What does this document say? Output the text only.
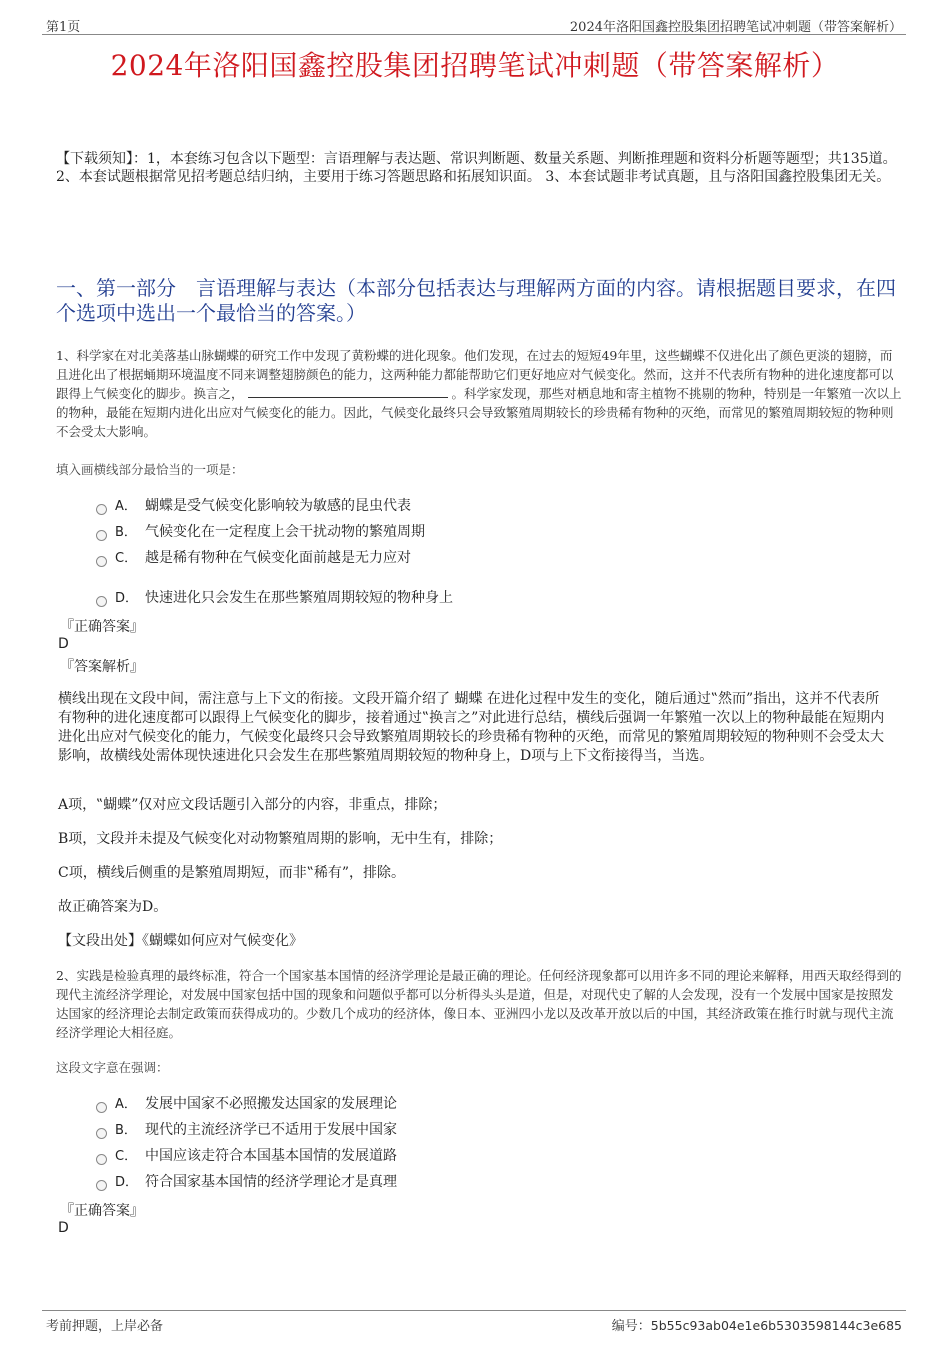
第1页	2024年洛阳国鑫控股集团招聘笔试冲刺题（带答案解析）
2024年洛阳国鑫控股集团招聘笔试冲刺题（带答案解析）
【下载须知】：1，本套练习包含以下题型：言语理解与表达题、常识判断题、数量关系题、判断推理题和资料分析题等题型；共135道。 2、本套试题根据常见招考题总结归纳，主要用于练习答题思路和拓展知识面。 3、本套试题非考试真题，且与洛阳国鑫控股集团无关。
一、第一部分　言语理解与表达（本部分包括表达与理解两方面的内容。请根据题目要求，在四个选项中选出一个最恰当的答案。）
1、科学家在对北美落基山脉蝴蝶的研究工作中发现了黄粉蝶的进化现象。他们发现，在过去的短短49年里，这些蝴蝶不仅进化出了颜色更淡的翅膀，而且进化出了根据蛹期环境温度不同来调整翅膀颜色的能力，这两种能力都能帮助它们更好地应对气候变化。然而，这并不代表所有物种的进化速度都可以跟得上气候变化的脚步。换言之，	。科学家发现，那些对栖息地和寄主植物不挑剔的物种，特别是一年繁殖一次以上的物种，最能在短期内进化出应对气候变化的能力。因此，气候变化最终只会导致繁殖周期较长的珍贵稀有物种的灭绝，而常见的繁殖周期较短的物种则不会受太大影响。
填入画横线部分最恰当的一项是：
A． 蝴蝶是受气候变化影响较为敏感的昆虫代表
B． 气候变化在一定程度上会干扰动物的繁殖周期
C． 越是稀有物种在气候变化面前越是无力应对
D． 快速进化只会发生在那些繁殖周期较短的物种身上
『正确答案』
D
『答案解析』
横线出现在文段中间，需注意与上下文的衔接。文段开篇介绍了 蝴蝶 在进化过程中发生的变化，随后通过‟然而”指出，这并不代表所有物种的进化速度都可以跟得上气候变化的脚步，接着通过‟换言之”对此进行总结，横线后强调一年繁殖一次以上的物种最能在短期内进化出应对气候变化的能力，气候变化最终只会导致繁殖周期较长的珍贵稀有物种的灭绝，而常见的繁殖周期较短的物种则不会受太大影响，故横线处需体现快速进化只会发生在那些繁殖周期较短的物种身上，D项与上下文衔接得当，当选。
A项，‟蝴蝶”仅对应文段话题引入部分的内容，非重点，排除；
B项，文段并未提及气候变化对动物繁殖周期的影响，无中生有，排除；
C项，横线后侧重的是繁殖周期短，而非‟稀有”，排除。
故正确答案为D。
【文段出处】《蝴蝶如何应对气候变化》
2、实践是检验真理的最终标准，符合一个国家基本国情的经济学理论是最正确的理论。任何经济现象都可以用许多不同的理论来解释，用西天取经得到的现代主流经济学理论，对发展中国家包括中国的现象和问题似乎都可以分析得头头是道，但是，对现代史了解的人会发现，没有一个发展中国家是按照发达国家的经济理论去制定政策而获得成功的。少数几个成功的经济体，像日本、亚洲四小龙以及改革开放以后的中国，其经济政策在推行时就与现代主流经济学理论大相径庭。
这段文字意在强调：
A． 发展中国家不必照搬发达国家的发展理论
B． 现代的主流经济学已不适用于发展中国家
C． 中国应该走符合本国基本国情的发展道路
D． 符合国家基本国情的经济学理论才是真理
『正确答案』
D
考前押题，上岸必备	编号：5b55c93ab04e1e6b5303598144c3e685
